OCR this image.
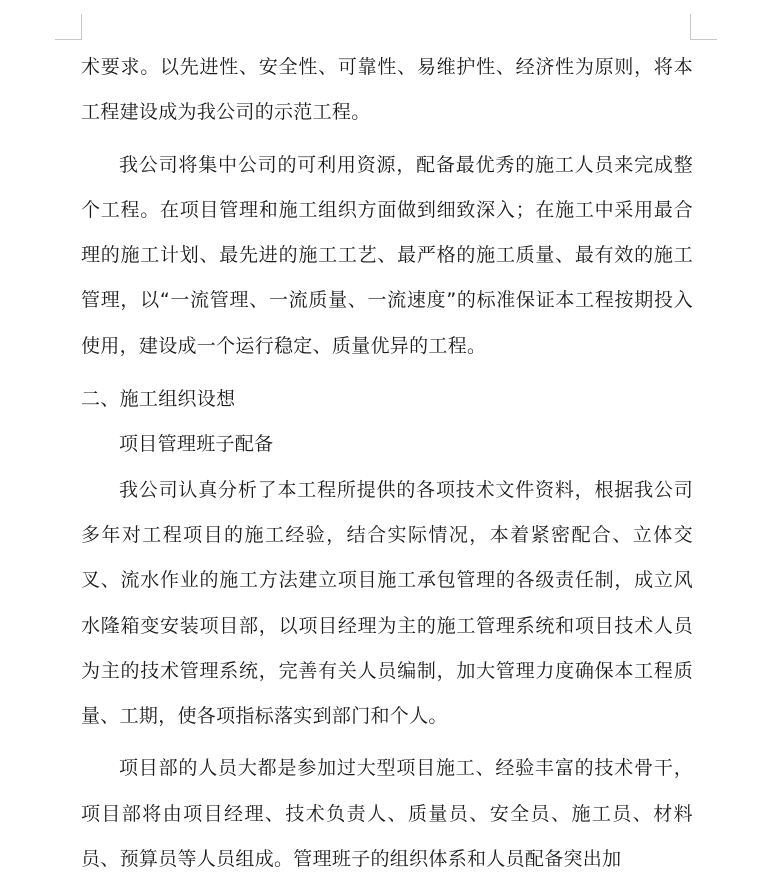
术要求。以先进性、安全性、可靠性、易维护性、经济性为原则，将本工程建设成为我公司的示范工程。

我公司将集中公司的可利用资源，配备最优秀的施工人员来完成整个工程。在项目管理和施工组织方面做到细致深入；在施工中采用最合理的施工计划、最先进的施工工艺、最严格的施工质量、最有效的施工管理，以“一流管理、一流质量、一流速度”的标准保证本工程按期投入使用，建设成一个运行稳定、质量优异的工程。

二、施工组织设想

项目管理班子配备

我公司认真分析了本工程所提供的各项技术文件资料，根据我公司多年对工程项目的施工经验，结合实际情况，本着紧密配合、立体交叉、流水作业的施工方法建立项目施工承包管理的各级责任制，成立风水隆箱变安装项目部，以项目经理为主的施工管理系统和项目技术人员为主的技术管理系统，完善有关人员编制，加大管理力度确保本工程质量、工期，使各项指标落实到部门和个人。

项目部的人员大都是参加过大型项目施工、经验丰富的技术骨干，项目部将由项目经理、技术负责人、质量员、安全员、施工员、材料员、预算员等人员组成。管理班子的组织体系和人员配备突出加
